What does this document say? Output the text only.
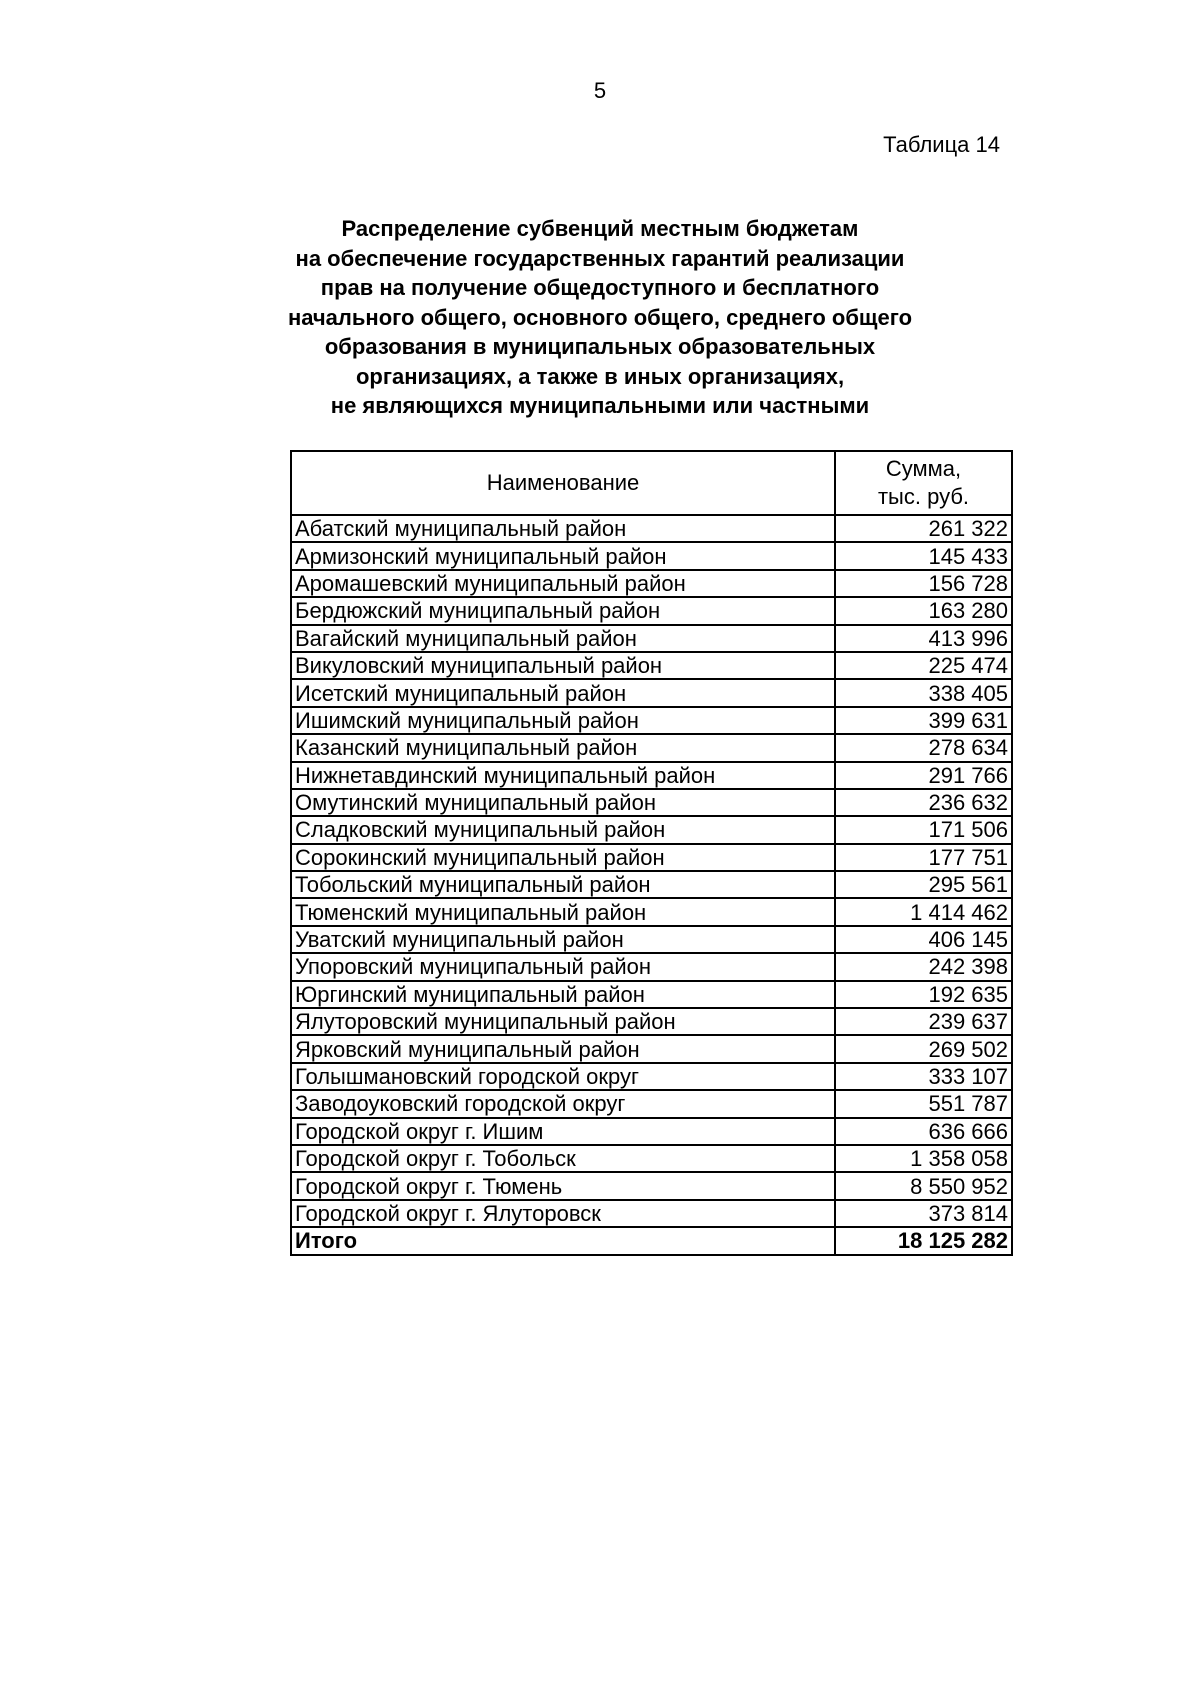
5
Таблица 14
Распределение субвенций местным бюджетам
на обеспечение государственных гарантий реализации
прав на получение общедоступного и бесплатного
начального общего, основного общего, среднего общего
образования в муниципальных образовательных
организациях, а также в иных организациях,
не являющихся муниципальными или частными
Наименование	Сумма,
тыс. руб.
Абатский муниципальный район	261 322
Армизонский муниципальный район	145 433
Аромашевский муниципальный район	156 728
Бердюжский муниципальный район	163 280
Вагайский муниципальный район	413 996
Викуловский муниципальный район	225 474
Исетский муниципальный район	338 405
Ишимский муниципальный район	399 631
Казанский муниципальный район	278 634
Нижнетавдинский муниципальный район	291 766
Омутинский муниципальный район	236 632
Сладковский муниципальный район	171 506
Сорокинский муниципальный район	177 751
Тобольский муниципальный район	295 561
Тюменский муниципальный район	1 414 462
Уватский муниципальный район	406 145
Упоровский муниципальный район	242 398
Юргинский муниципальный район	192 635
Ялуторовский муниципальный район	239 637
Ярковский муниципальный район	269 502
Голышмановский городской округ	333 107
Заводоуковский городской округ	551 787
Городской округ г. Ишим	636 666
Городской округ г. Тобольск	1 358 058
Городской округ г. Тюмень	8 550 952
Городской округ г. Ялуторовск	373 814
Итого	18 125 282
